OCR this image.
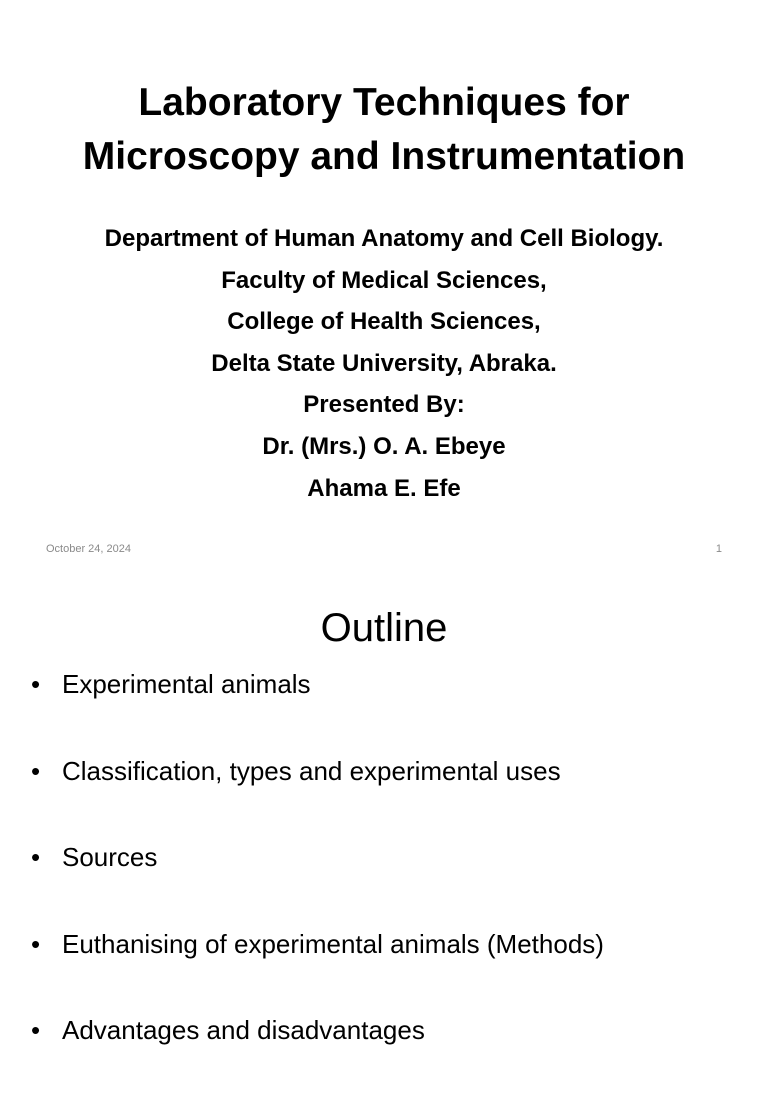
Laboratory Techniques for
Microscopy and Instrumentation
Department of Human Anatomy and Cell Biology.
Faculty of Medical Sciences,
College of Health Sciences,
Delta State University, Abraka.
Presented By:
Dr. (Mrs.) O. A. Ebeye
Ahama E. Efe
October 24, 2024	1
Outline
• Experimental animals
• Classification, types and experimental uses
• Sources
• Euthanising of experimental animals (Methods)
• Advantages and disadvantages
